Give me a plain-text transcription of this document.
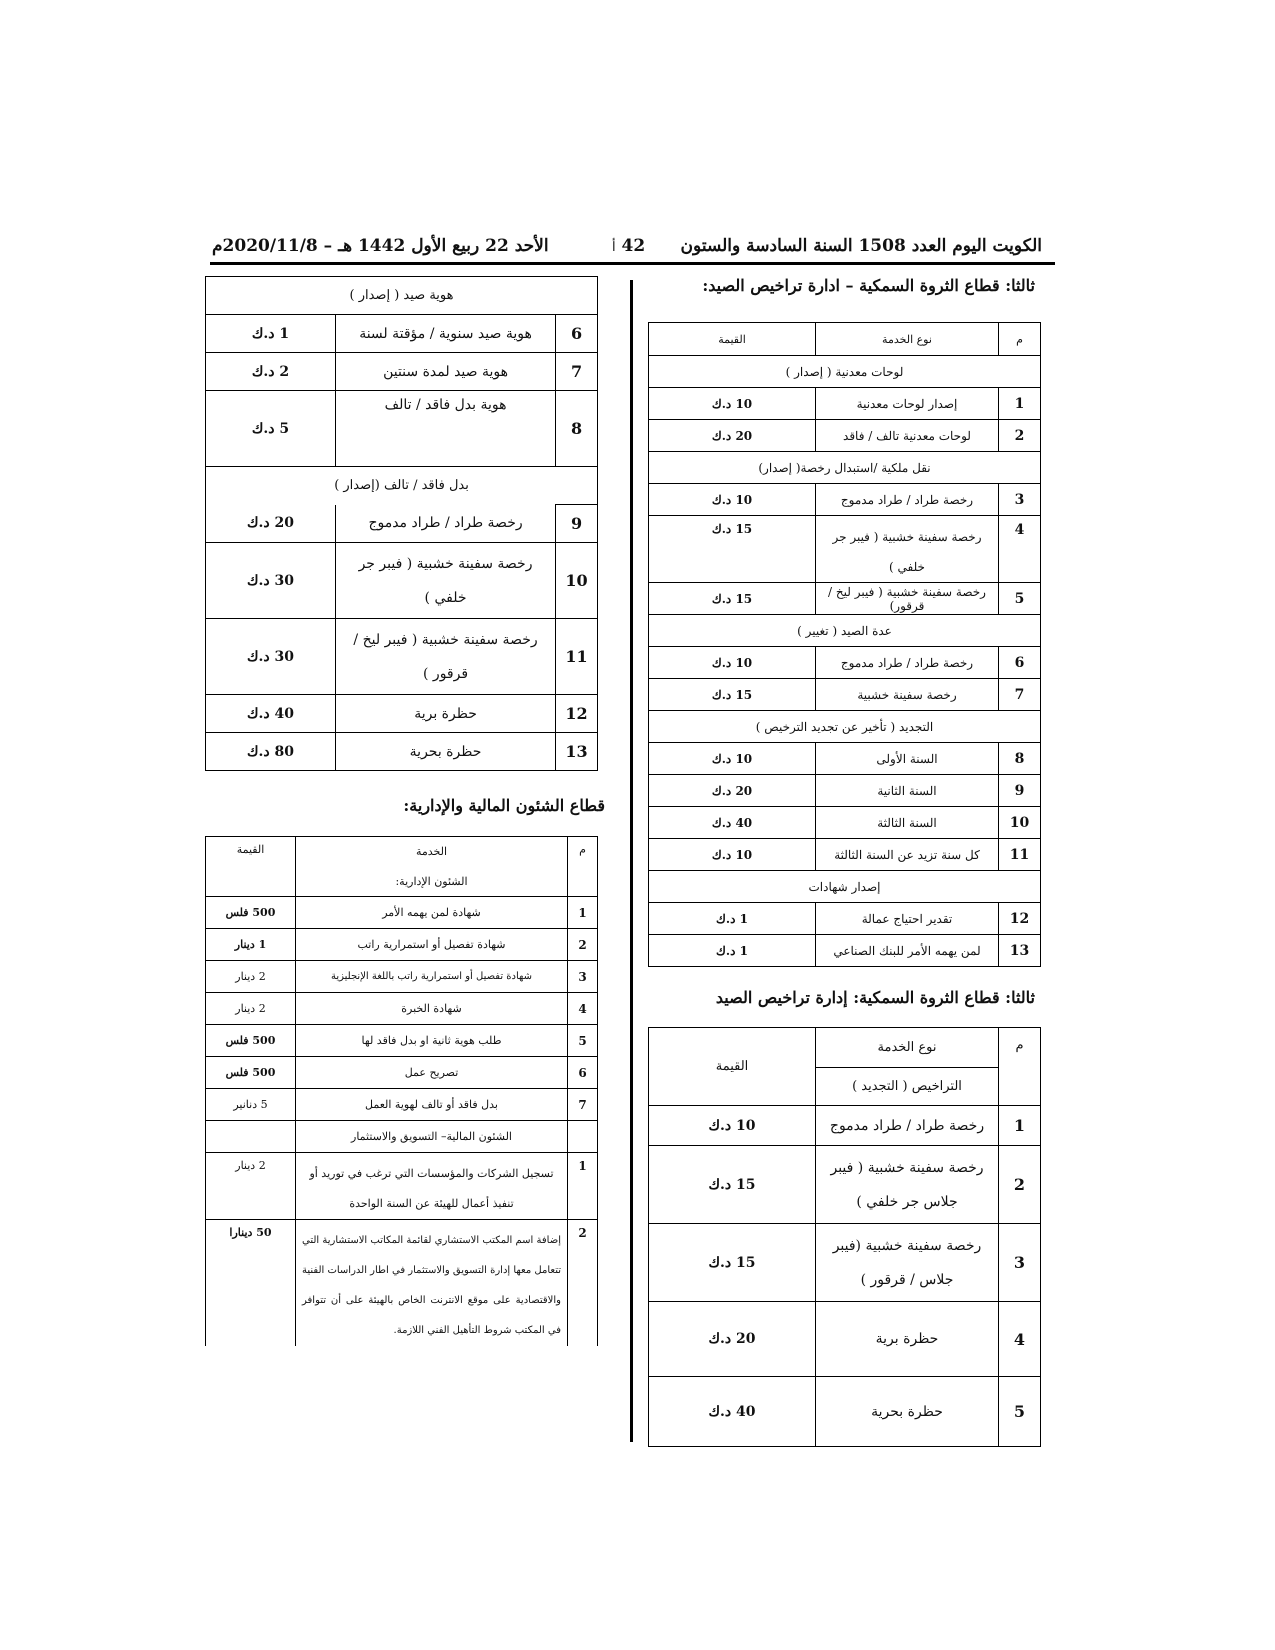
الكويت اليوم العدد 1508 السنة السادسة والستون
42 أ
الأحد 22 ربيع الأول 1442 هـ – 2020/11/8م
ثالثا: قطاع الثروة السمكية – ادارة تراخيص الصيد:
م	نوع الخدمة	القيمة
لوحات معدنية ( إصدار )		
1	إصدار لوحات معدنية	10 د.ك
2	لوحات معدنية تالف / فاقد	20 د.ك
نقل ملكية /استبدال رخصة( إصدار)		
3	رخصة طراد / طراد مدموج	10 د.ك
4	رخصة سفينة خشبية ( فيبر جر خلفي )	15 د.ك
5	رخصة سفينة خشبية ( فيبر ليخ / قرقور)	15 د.ك
عدة الصيد ( تغيير )		
6	رخصة طراد / طراد مدموج	10 د.ك
7	رخصة سفينة خشبية	15 د.ك
التجديد ( تأخير عن تجديد الترخيص )		
8	السنة الأولى	10 د.ك
9	السنة الثانية	20 د.ك
10	السنة الثالثة	40 د.ك
11	كل سنة تزيد عن السنة الثالثة	10 د.ك
إصدار شهادات		
12	تقدير احتياج عمالة	1 د.ك
13	لمن يهمه الأمر للبنك الصناعي	1 د.ك
ثالثا: قطاع الثروة السمكية: إدارة تراخيص الصيد
م	نوع الخدمة	القيمة
	التراخيص ( التجديد )	
1	رخصة طراد / طراد مدموج	10 د.ك
2	رخصة سفينة خشبية ( فيبر جلاس جر خلفي )	15 د.ك
3	رخصة سفينة خشبية (فيبر جلاس / قرقور )	15 د.ك
4	حظرة برية	20 د.ك
5	حظرة بحرية	40 د.ك
هوية صيد ( إصدار )		
6	هوية صيد سنوية / مؤقتة لسنة	1 د.ك
7	هوية صيد لمدة سنتين	2 د.ك
8	هوية بدل فاقد / تالف	5 د.ك
بدل فاقد / تالف (إصدار )		
9	رخصة طراد / طراد مدموج	20 د.ك
10	رخصة سفينة خشبية ( فيبر جر خلفي )	30 د.ك
11	رخصة سفينة خشبية ( فيبر ليخ / قرقور )	30 د.ك
12	حظرة برية	40 د.ك
13	حظرة بحرية	80 د.ك
قطاع الشئون المالية والإدارية:
م	الخدمة	القيمة
	الشئون الإدارية:	
1	شهادة لمن يهمه الأمر	500 فلس
2	شهادة تفصيل أو استمرارية راتب	1 دينار
3	شهادة تفصيل أو استمرارية راتب باللغة الإنجليزية	2 دينار
4	شهادة الخبرة	2 دينار
5	طلب هوية ثانية او بدل فاقد لها	500 فلس
6	تصريح عمل	500 فلس
7	بدل فاقد أو تالف لهوية العمل	5 دنانير
	الشئون المالية– التسويق والاستثمار	
1	تسجيل الشركات والمؤسسات التي ترغب في توريد أو تنفيذ أعمال للهيئة عن السنة الواحدة	2 دينار
2	إضافة اسم المكتب الاستشاري لقائمة المكاتب الاستشارية التي تتعامل معها إدارة التسويق والاستثمار في اطار الدراسات الفنية والاقتصادية على موقع الانترنت الخاص بالهيئة على أن تتوافر في المكتب شروط التأهيل الفني اللازمة.	50 دينارا
